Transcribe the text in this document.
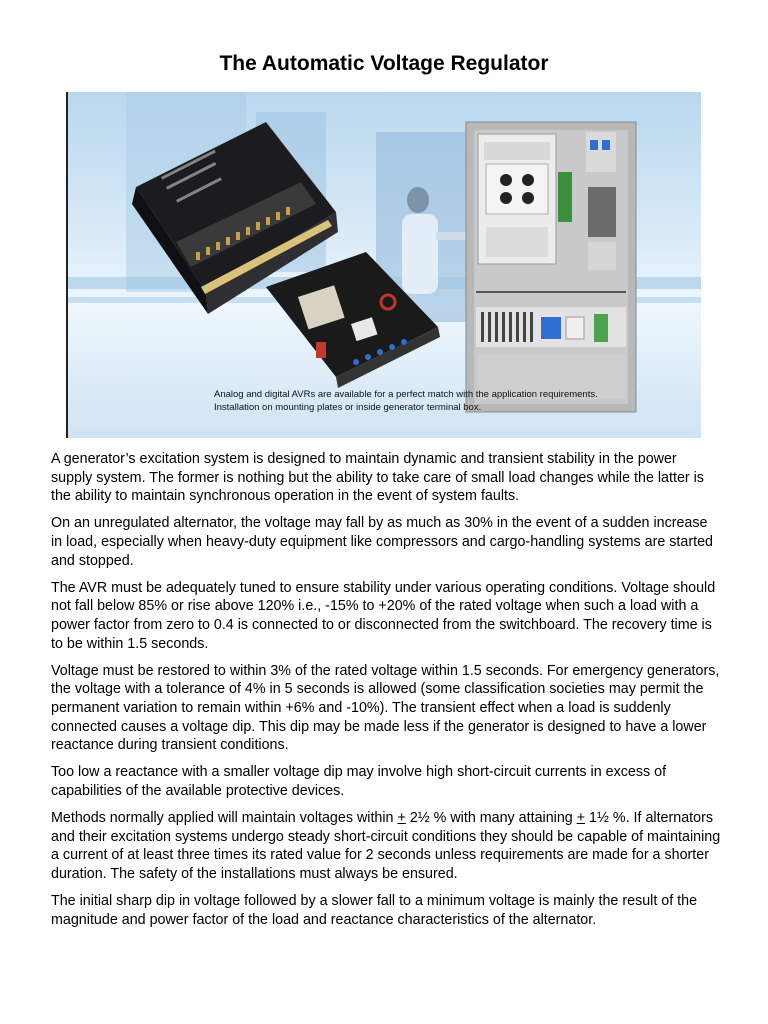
The Automatic Voltage Regulator
Analog and digital AVRs are available for a perfect match with the application requirements.
Installation on mounting plates or inside generator terminal box.

A generator’s excitation system is designed to maintain dynamic and transient stability in the power supply system. The former is nothing but the ability to take care of small load changes while the latter is the ability to maintain synchronous operation in the event of system faults.

On an unregulated alternator, the voltage may fall by as much as 30% in the event of a sudden increase in load, especially when heavy-duty equipment like compressors and cargo-handling systems are started and stopped.

The AVR must be adequately tuned to ensure stability under various operating conditions. Voltage should not fall below 85% or rise above 120% i.e., -15% to +20% of the rated voltage when such a load with a power factor from zero to 0.4 is connected to or disconnected from the switchboard. The recovery time is to be within 1.5 seconds.

Voltage must be restored to within 3% of the rated voltage within 1.5 seconds. For emergency generators, the voltage with a tolerance of 4% in 5 seconds is allowed (some classification societies may permit the permanent variation to remain within +6% and -10%). The transient effect when a load is suddenly connected causes a voltage dip. This dip may be made less if the generator is designed to have a lower reactance during transient conditions.

Too low a reactance with a smaller voltage dip may involve high short-circuit currents in excess of capabilities of the available protective devices.

Methods normally applied will maintain voltages within + 2½ % with many attaining + 1½ %. If alternators and their excitation systems undergo steady short-circuit conditions they should be capable of maintaining a current of at least three times its rated value for 2 seconds unless requirements are made for a shorter duration. The safety of the installations must always be ensured.

The initial sharp dip in voltage followed by a slower fall to a minimum voltage is mainly the result of the magnitude and power factor of the load and reactance characteristics of the alternator.
